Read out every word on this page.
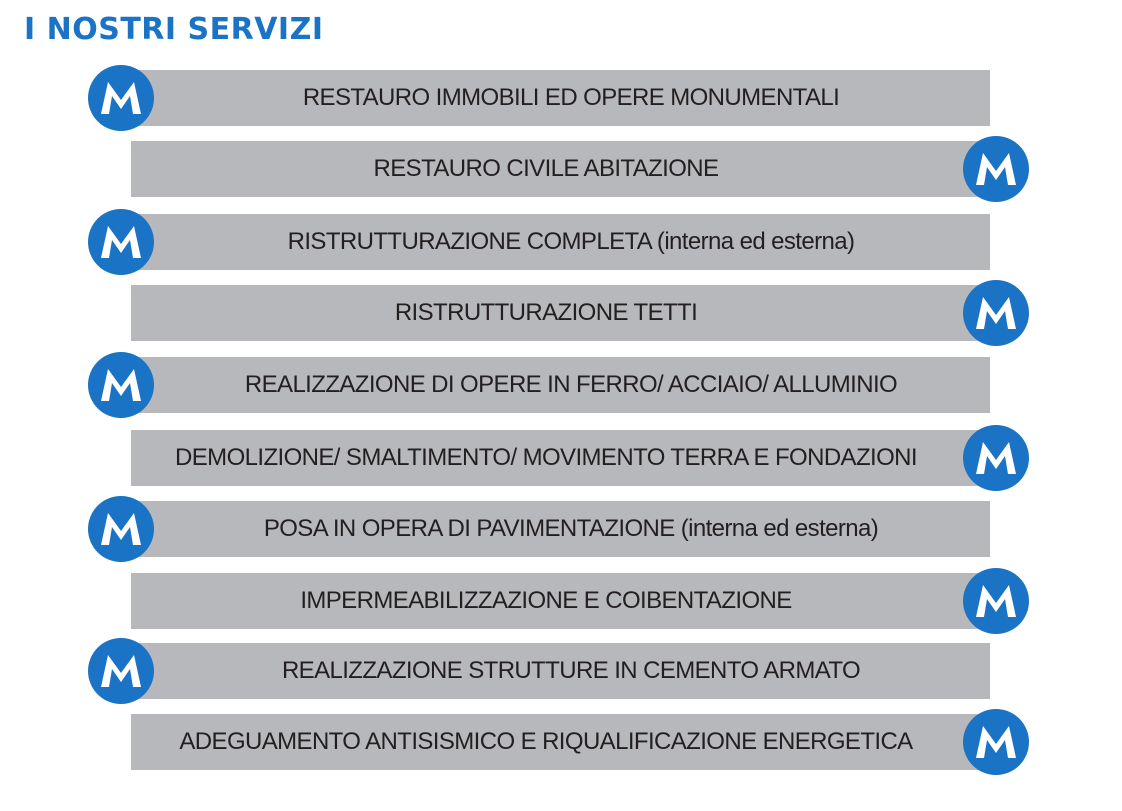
I NOSTRI SERVIZI
RESTAURO IMMOBILI ED OPERE MONUMENTALI
RESTAURO CIVILE ABITAZIONE
RISTRUTTURAZIONE COMPLETA (interna ed esterna)
RISTRUTTURAZIONE TETTI
REALIZZAZIONE DI OPERE IN FERRO/ ACCIAIO/ ALLUMINIO
DEMOLIZIONE/ SMALTIMENTO/ MOVIMENTO TERRA E FONDAZIONI
POSA IN OPERA DI PAVIMENTAZIONE (interna ed esterna)
IMPERMEABILIZZAZIONE E COIBENTAZIONE
REALIZZAZIONE STRUTTURE IN CEMENTO ARMATO
ADEGUAMENTO ANTISISMICO E RIQUALIFICAZIONE ENERGETICA
